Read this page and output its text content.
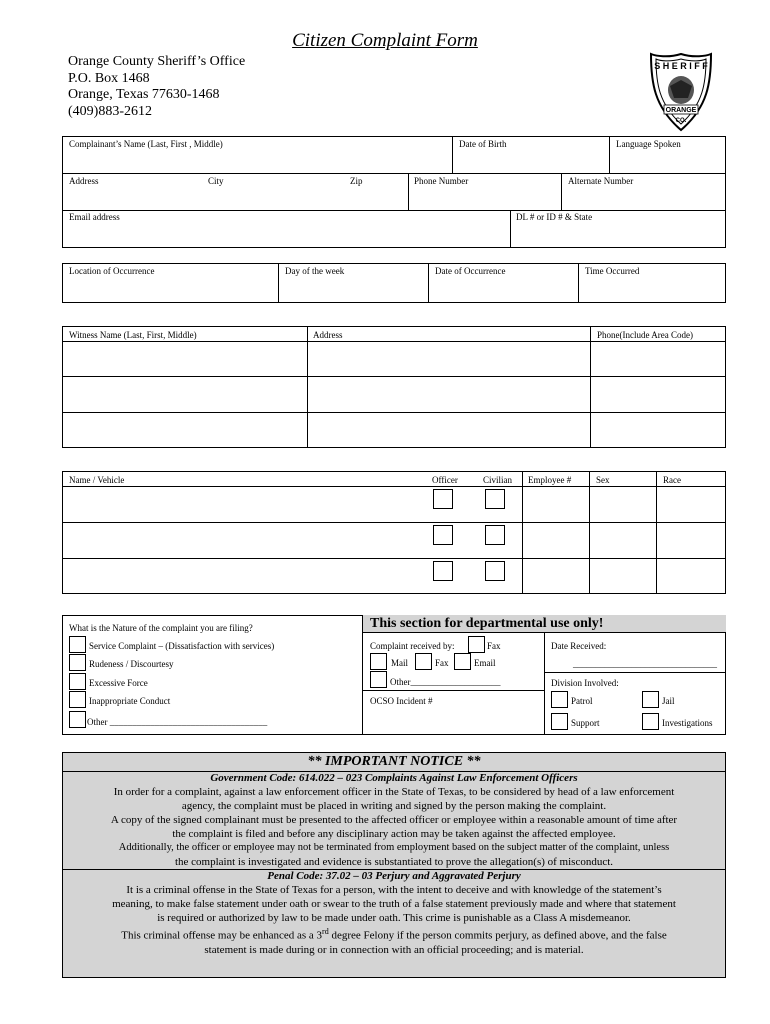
Citizen Complaint Form
Orange County Sheriff’s Office
P.O. Box 1468
Orange, Texas 77630-1468
(409)883-2612
S H E R I F F
ORANGE
CO.
Complainant’s Name (Last, First , Middle)	Date of Birth	Language Spoken
Address	City	Zip	Phone Number	Alternate Number
Email address	DL # or ID # & State
Location of Occurrence	Day of the week	Date of Occurrence	Time Occurred
Witness Name (Last, First, Middle)	Address	Phone(Include Area Code)
Name / Vehicle	Officer	Civilian Employee #	Sex	Race
This section for departmental use only!
What is the Nature of the complaint you are filing?
Service Complaint – (Dissatisfaction with services)
Rudeness / Discourtesy
Excessive Force
Inappropriate Conduct
Other ___________________________________
Complaint received by:	Fax
Mail	Fax	Email
Other____________________
OCSO Incident #
Date Received:
________________________________
Division Involved:
Patrol	Jail
Support	Investigations
** IMPORTANT NOTICE **
Government Code: 614.022 – 023 Complaints Against Law Enforcement Officers
In order for a complaint, against a law enforcement officer in the State of Texas, to be considered by head of a law enforcement
agency, the complaint must be placed in writing and signed by the person making the complaint.
A copy of the signed complainant must be presented to the affected officer or employee within a reasonable amount of time after
the complaint is filed and before any disciplinary action may be taken against the affected employee.
Additionally, the officer or employee may not be terminated from employment based on the subject matter of the complaint, unless
the complaint is investigated and evidence is substantiated to prove the allegation(s) of misconduct.
Penal Code: 37.02 – 03 Perjury and Aggravated Perjury
It is a criminal offense in the State of Texas for a person, with the intent to deceive and with knowledge of the statement’s
meaning, to make false statement under oath or swear to the truth of a false statement previously made and where that statement
is required or authorized by law to be made under oath. This crime is punishable as a Class A misdemeanor.
This criminal offense may be enhanced as a 3rd degree Felony if the person commits perjury, as defined above, and the false
statement is made during or in connection with an official proceeding; and is material.
